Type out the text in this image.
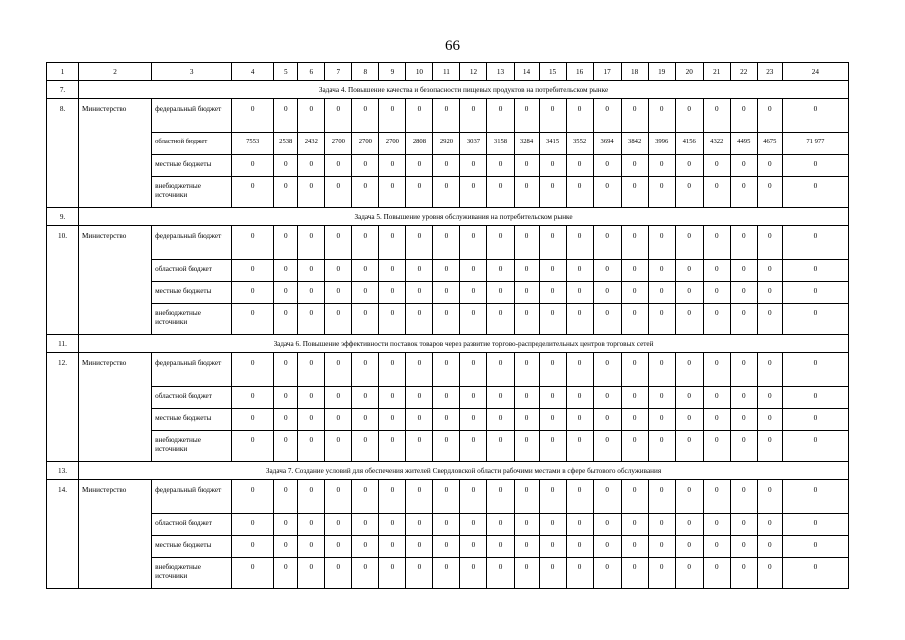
66
1	2	3	4	5	6	7	8	9	10	11	12	13	14	15	16	17	18	19	20	21	22	23	24
7.	Задача 4. Повышение качества и безопасности пищевых продуктов на потребительском рынке																						
8.	Министерство	федеральный бюджет	0	0	0	0	0	0	0	0	0	0	0	0	0	0	0	0	0	0	0	0	0
		областной бюджет	7553	2538	2432	2700	2700	2700	2808	2920	3037	3158	3284	3415	3552	3694	3842	3996	4156	4322	4495	4675	71 977
		местные бюджеты	0	0	0	0	0	0	0	0	0	0	0	0	0	0	0	0	0	0	0	0	0
		внебюджетные источники	0	0	0	0	0	0	0	0	0	0	0	0	0	0	0	0	0	0	0	0	0
9.	Задача 5. Повышение уровня обслуживания на потребительском рынке																						
10.	Министерство	федеральный бюджет	0	0	0	0	0	0	0	0	0	0	0	0	0	0	0	0	0	0	0	0	0
		областной бюджет	0	0	0	0	0	0	0	0	0	0	0	0	0	0	0	0	0	0	0	0	0
		местные бюджеты	0	0	0	0	0	0	0	0	0	0	0	0	0	0	0	0	0	0	0	0	0
		внебюджетные источники	0	0	0	0	0	0	0	0	0	0	0	0	0	0	0	0	0	0	0	0	0
11.	Задача 6. Повышение эффективности поставок товаров через развитие торгово-распределительных центров торговых сетей																						
12.	Министерство	федеральный бюджет	0	0	0	0	0	0	0	0	0	0	0	0	0	0	0	0	0	0	0	0	0
		областной бюджет	0	0	0	0	0	0	0	0	0	0	0	0	0	0	0	0	0	0	0	0	0
		местные бюджеты	0	0	0	0	0	0	0	0	0	0	0	0	0	0	0	0	0	0	0	0	0
		внебюджетные источники	0	0	0	0	0	0	0	0	0	0	0	0	0	0	0	0	0	0	0	0	0
13.	Задача 7. Создание условий для обеспечения жителей Свердловской области рабочими местами в сфере бытового обслуживания																						
14.	Министерство	федеральный бюджет	0	0	0	0	0	0	0	0	0	0	0	0	0	0	0	0	0	0	0	0	0
		областной бюджет	0	0	0	0	0	0	0	0	0	0	0	0	0	0	0	0	0	0	0	0	0
		местные бюджеты	0	0	0	0	0	0	0	0	0	0	0	0	0	0	0	0	0	0	0	0	0
		внебюджетные источники	0	0	0	0	0	0	0	0	0	0	0	0	0	0	0	0	0	0	0	0	0
